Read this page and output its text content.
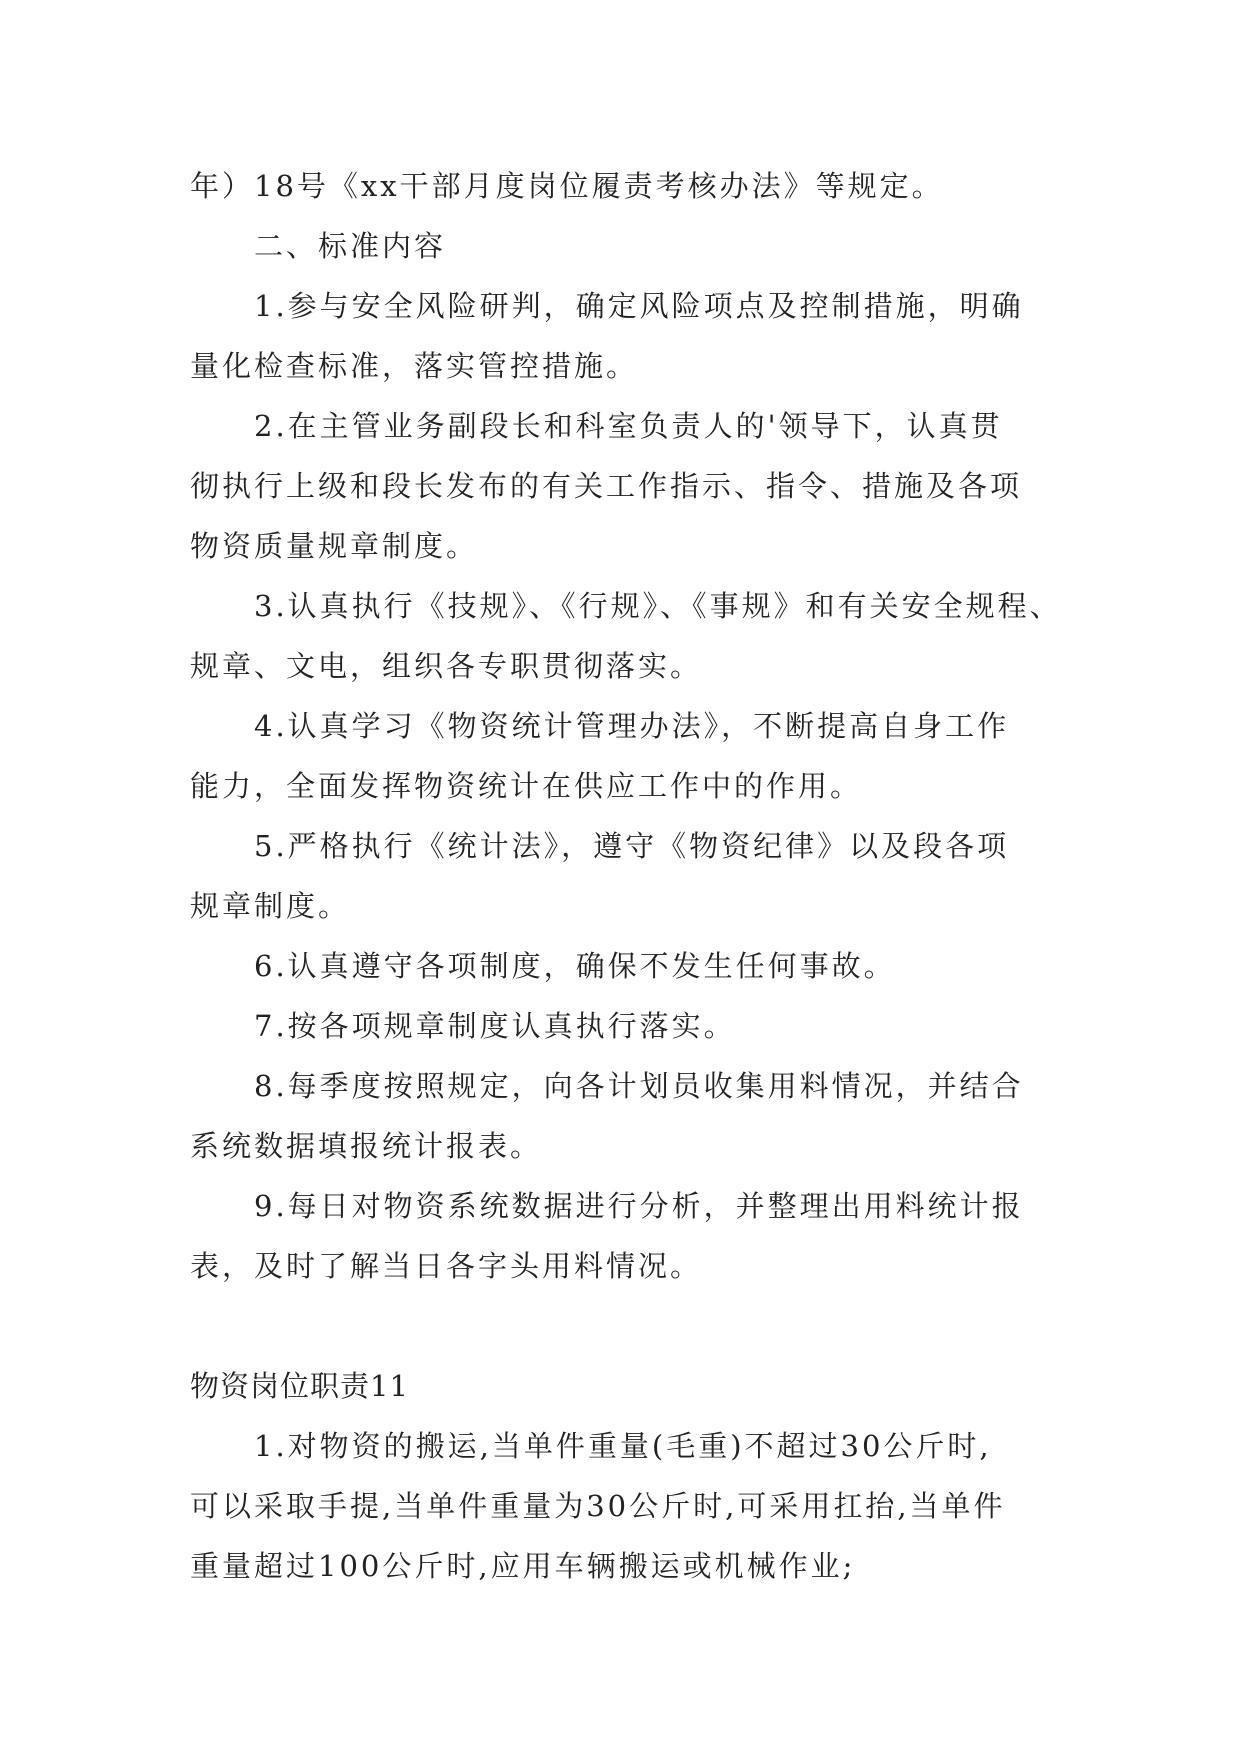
年）18号《xx干部月度岗位履责考核办法》等规定。
二、标准内容
1.参与安全风险研判，确定风险项点及控制措施，明确
量化检查标准，落实管控措施。
2.在主管业务副段长和科室负责人的'领导下，认真贯
彻执行上级和段长发布的有关工作指示、指令、措施及各项
物资质量规章制度。
3.认真执行《技规》、《行规》、《事规》和有关安全规程、
规章、文电，组织各专职贯彻落实。
4.认真学习《物资统计管理办法》，不断提高自身工作
能力，全面发挥物资统计在供应工作中的作用。
5.严格执行《统计法》，遵守《物资纪律》以及段各项
规章制度。
6.认真遵守各项制度，确保不发生任何事故。
7.按各项规章制度认真执行落实。
8.每季度按照规定，向各计划员收集用料情况，并结合
系统数据填报统计报表。
9.每日对物资系统数据进行分析，并整理出用料统计报
表，及时了解当日各字头用料情况。
物资岗位职责11
1.对物资的搬运,当单件重量(毛重)不超过30公斤时,
可以采取手提,当单件重量为30公斤时,可采用扛抬,当单件
重量超过100公斤时,应用车辆搬运或机械作业;
